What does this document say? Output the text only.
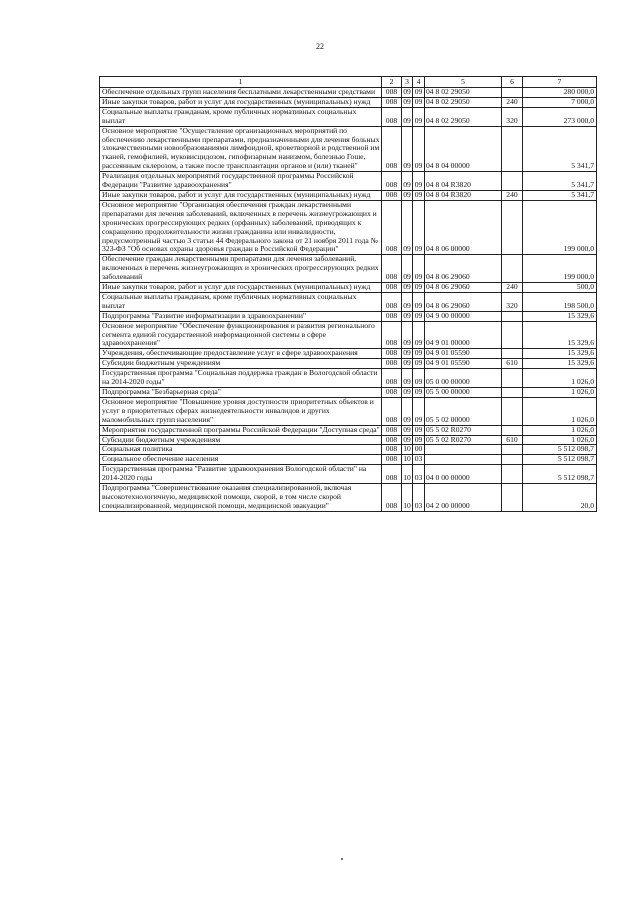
22
1	2	3	4	5	6	7
Обеспечение отдельных групп населения бесплатными лекарственными средствами	008	09	09	04 8 02 29050		280 000,0
Иные закупки товаров, работ и услуг для государственных (муниципальных) нужд	008	09	09	04 8 02 29050	240	7 000,0
Социальные выплаты гражданам, кроме публичных нормативных социальных выплат	008	09	09	04 8 02 29050	320	273 000,0
Основное мероприятие "Осуществление организационных мероприятий по обеспечению лекарственными препаратами, предназначенными для лечения больных злокачественными новообразованиями лимфоидной, кроветворной и родственной им тканей, гемофилией, муковисцидозом, гипофизарным нанизмом, болезнью Гоше, рассеянным склерозом, а также после трансплантации органов и (или) тканей"	008	09	09	04 8 04 00000		5 341,7
Реализация отдельных мероприятий государственной программы Российской Федерации "Развитие здравоохранения"	008	09	09	04 8 04 R3820		5 341,7
Иные закупки товаров, работ и услуг для государственных (муниципальных) нужд	008	09	09	04 8 04 R3820	240	5 341,7
Основное мероприятие "Организация обеспечения граждан лекарственными препаратами для лечения заболеваний, включенных в перечень жизнеугрожающих и хронических прогрессирующих редких (орфанных) заболеваний, приводящих к сокращению продолжительности жизни гражданина или инвалидности, предусмотренный частью 3 статьи 44 Федерального закона от 21 ноября 2011 года № 323-ФЗ "Об основах охраны здоровья граждан в Российской Федерации"	008	09	09	04 8 06 00000		199 000,0
Обеспечение граждан лекарственными препаратами для лечения заболеваний, включенных в перечень жизнеугрожающих и хронических прогрессирующих редких заболеваний	008	09	09	04 8 06 29060		199 000,0
Иные закупки товаров, работ и услуг для государственных (муниципальных) нужд	008	09	09	04 8 06 29060	240	500,0
Социальные выплаты гражданам, кроме публичных нормативных социальных выплат	008	09	09	04 8 06 29060	320	198 500,0
Подпрограмма "Развитие информатизации в здравоохранении"	008	09	09	04 9 00 00000		15 329,6
Основное мероприятие "Обеспечение функционирования и развития регионального сегмента единой государственной информационной системы в сфере здравоохранения"	008	09	09	04 9 01 00000		15 329,6
Учреждения, обеспечивающие предоставление услуг в сфере здравоохранения	008	09	09	04 9 01 05590		15 329,6
Субсидии бюджетным учреждениям	008	09	09	04 9 01 05590	610	15 329,6
Государственная программа "Социальная поддержка граждан в Вологодской области на 2014-2020 годы"	008	09	09	05 0 00 00000		1 026,0
Подпрограмма "Безбарьерная среда"	008	09	09	05 5 00 00000		1 026,0
Основное мероприятие "Повышение уровня доступности приоритетных объектов и услуг в приоритетных сферах жизнедеятельности инвалидов и других маломобильных групп населения"	008	09	09	05 5 02 00000		1 026,0
Мероприятия государственной программы Российской Федерации "Доступная среда"	008	09	09	05 5 02 R0270		1 026,0
Субсидии бюджетным учреждениям	008	09	09	05 5 02 R0270	610	1 026,0
Социальная политика	008	10	00			5 512 098,7
Социальное обеспечение населения	008	10	03			5 512 098,7
Государственная программа "Развитие здравоохранения Вологодской области" на 2014-2020 годы	008	10	03	04 0 00 00000		5 512 098,7
Подпрограмма "Совершенствование оказания специализированной, включая высокотехнологичную, медицинской помощи, скорой, в том числе скорой специализированной, медицинской помощи, медицинской эвакуации"	008	10	03	04 2 00 00000		20,0
